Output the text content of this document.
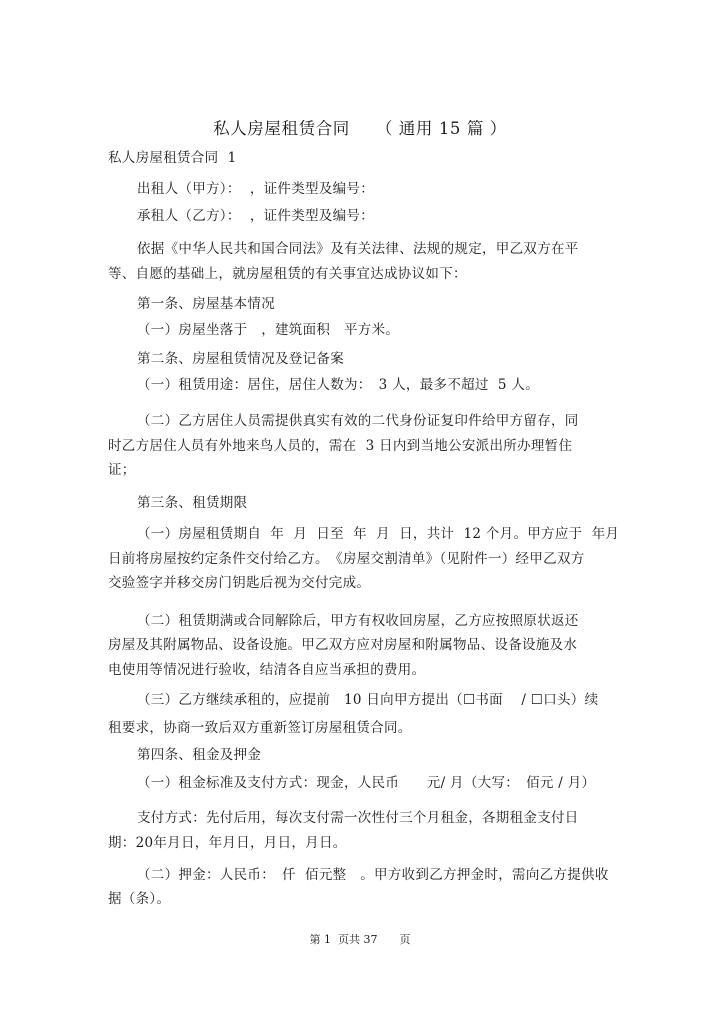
私人房屋租赁合同　　（ 通用 15 篇 ）
私人房屋租赁合同  1
出租人（甲方）：  ，证件类型及编号：
承租人（乙方）：  ，证件类型及编号：
依据《中华人民共和国合同法》及有关法律、法规的规定，甲乙双方在平
等、自愿的基础上，就房屋租赁的有关事宜达成协议如下：
第一条、房屋基本情况
（一）房屋坐落于　，建筑面积　平方米。
第二条、房屋租赁情况及登记备案
（一）租赁用途：居住，居住人数为：　3 人，最多不超过  5 人。
（二）乙方居住人员需提供真实有效的二代身份证复印件给甲方留存，同
时乙方居住人员有外地来鸟人员的，需在  3 日内到当地公安派出所办理暂住
证；
第三条、租赁期限
（一）房屋租赁期自  年  月  日至  年  月  日，共计  12 个月。甲方应于  年月
日前将房屋按约定条件交付给乙方。　《房屋交割清单》（见附件一）经甲乙双方
交验签字并移交房门钥匙后视为交付完成。
（二）租赁期满或合同解除后，甲方有权收回房屋，乙方应按照原状返还
房屋及其附属物品、设备设施。甲乙双方应对房屋和附属物品、设备设施及水
电使用等情况进行验收，结清各自应当承担的费用。
（三）乙方继续承租的，应提前　10 日向甲方提出（☐书面　 / ☐口头）续
租要求，协商一致后双方重新签订房屋租赁合同。
第四条、租金及押金
（一）租金标准及支付方式：现金，人民币　　元/ 月（大写：　佰元 / 月）
支付方式：先付后用，每次支付需一次性付三个月租金，各期租金支付日
期：20年月日，年月日，月日，月日。
（二）押金：人民币：　仟  佰元整　。甲方收到乙方押金时，需向乙方提供收
据（条）。
第 1  页共 37　　页
